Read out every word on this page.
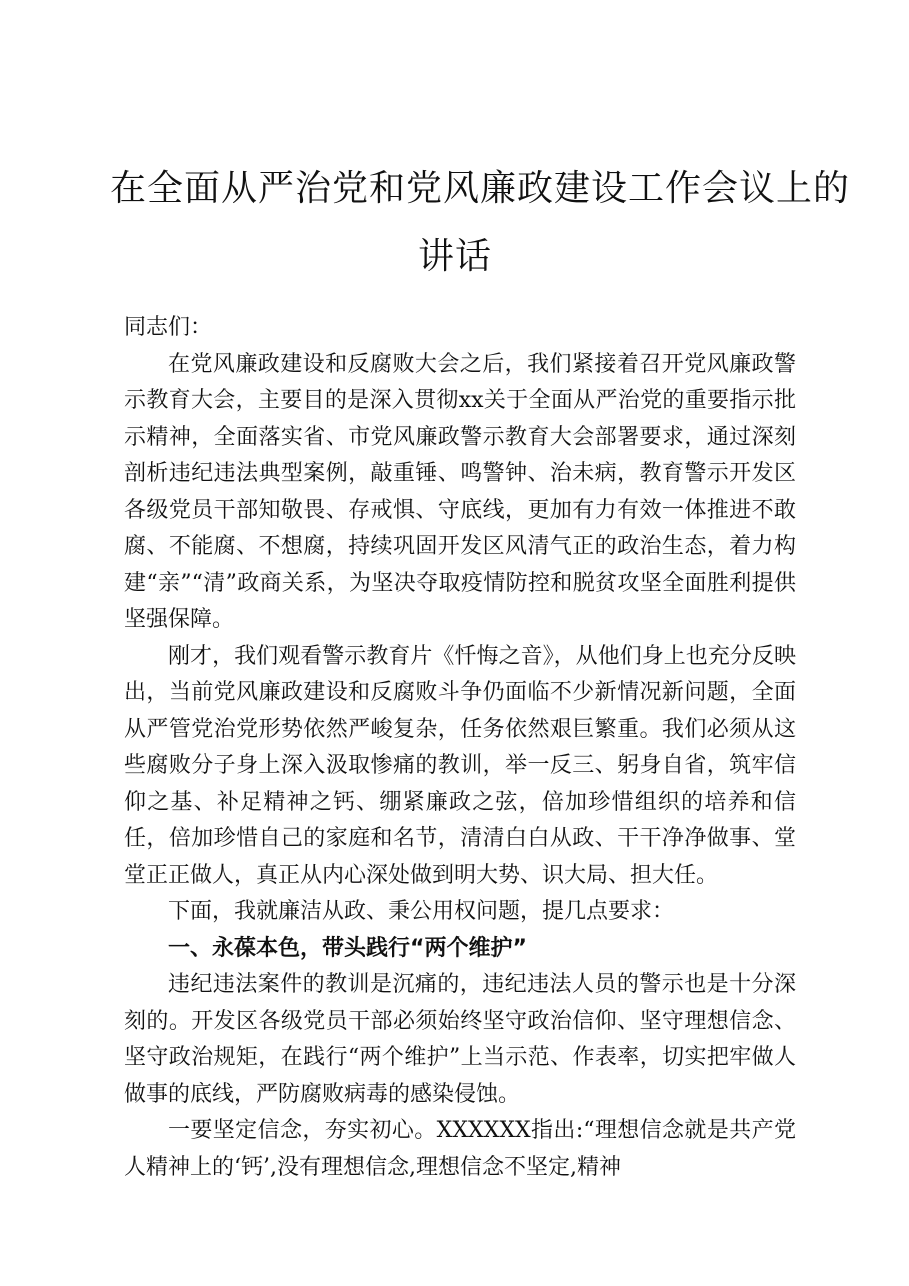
在全面从严治党和党风廉政建设工作会议上的
讲话

同志们：

在党风廉政建设和反腐败大会之后，我们紧接着召开党风廉政警示教育大会，主要目的是深入贯彻xx关于全面从严治党的重要指示批示精神，全面落实省、市党风廉政警示教育大会部署要求，通过深刻剖析违纪违法典型案例，敲重锤、鸣警钟、治未病，教育警示开发区各级党员干部知敬畏、存戒惧、守底线，更加有力有效一体推进不敢腐、不能腐、不想腐，持续巩固开发区风清气正的政治生态，着力构建“亲”“清”政商关系，为坚决夺取疫情防控和脱贫攻坚全面胜利提供坚强保障。

刚才，我们观看警示教育片《忏悔之音》，从他们身上也充分反映出，当前党风廉政建设和反腐败斗争仍面临不少新情况新问题，全面从严管党治党形势依然严峻复杂，任务依然艰巨繁重。我们必须从这些腐败分子身上深入汲取惨痛的教训，举一反三、躬身自省，筑牢信仰之基、补足精神之钙、绷紧廉政之弦，倍加珍惜组织的培养和信任，倍加珍惜自己的家庭和名节，清清白白从政、干干净净做事、堂堂正正做人，真正从内心深处做到明大势、识大局、担大任。

下面，我就廉洁从政、秉公用权问题，提几点要求：

一、永葆本色，带头践行“两个维护”

违纪违法案件的教训是沉痛的，违纪违法人员的警示也是十分深刻的。开发区各级党员干部必须始终坚守政治信仰、坚守理想信念、坚守政治规矩，在践行“两个维护”上当示范、作表率，切实把牢做人做事的底线，严防腐败病毒的感染侵蚀。

一要坚定信念，夯实初心。XXXXXX指出:“理想信念就是共产党人精神上的‘钙’,没有理想信念,理想信念不坚定,精神
